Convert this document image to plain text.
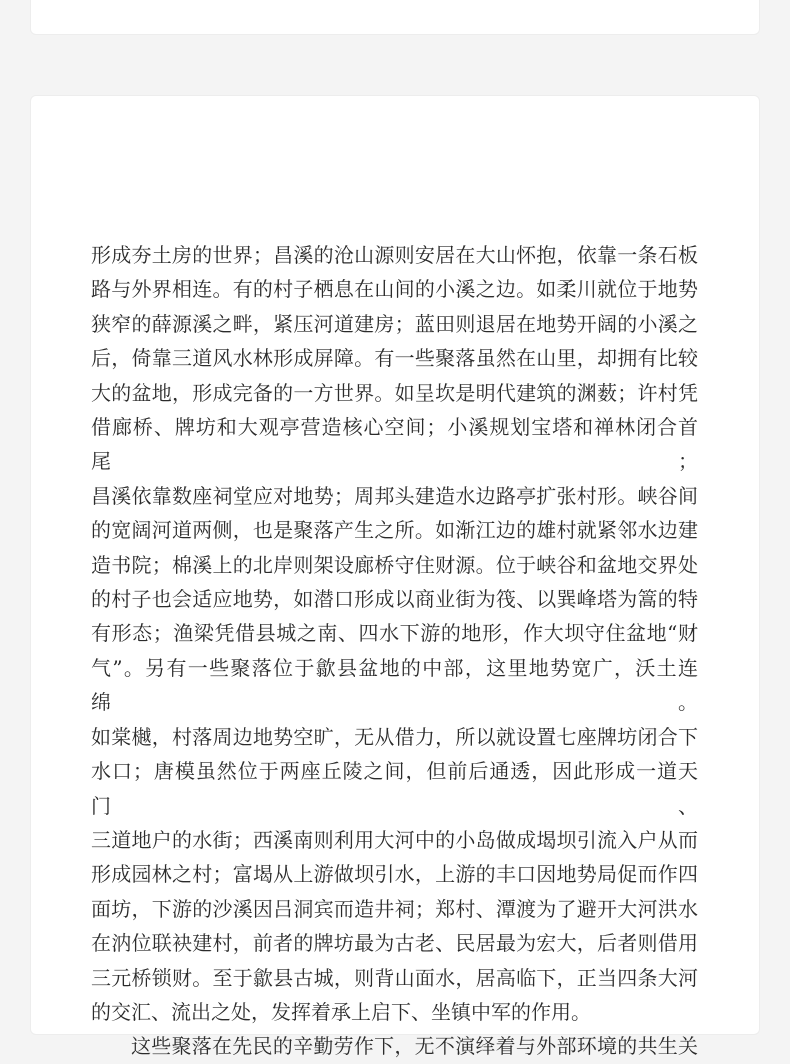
形成夯土房的世界；昌溪的沧山源则安居在大山怀抱，依靠一条石板

路与外界相连。有的村子栖息在山间的小溪之边。如柔川就位于地势

狭窄的薛源溪之畔，紧压河道建房；蓝田则退居在地势开阔的小溪之

后，倚靠三道风水林形成屏障。有一些聚落虽然在山里，却拥有比较

大的盆地，形成完备的一方世界。如呈坎是明代建筑的渊薮；许村凭

借廊桥、牌坊和大观亭营造核心空间；小溪规划宝塔和禅林闭合首尾；

昌溪依靠数座祠堂应对地势；周邦头建造水边路亭扩张村形。峡谷间

的宽阔河道两侧，也是聚落产生之所。如渐江边的雄村就紧邻水边建

造书院；棉溪上的北岸则架设廊桥守住财源。位于峡谷和盆地交界处

的村子也会适应地势，如潜口形成以商业街为筏、以巽峰塔为篙的特

有形态；渔梁凭借县城之南、四水下游的地形，作大坝守住盆地“财

气”。另有一些聚落位于歙县盆地的中部，这里地势宽广，沃土连绵。

如棠樾，村落周边地势空旷，无从借力，所以就设置七座牌坊闭合下

水口；唐模虽然位于两座丘陵之间，但前后通透，因此形成一道天门、

三道地户的水街；西溪南则利用大河中的小岛做成堨坝引流入户从而

形成园林之村；富堨从上游做坝引水，上游的丰口因地势局促而作四

面坊，下游的沙溪因吕洞宾而造井祠；郑村、潭渡为了避开大河洪水

在汭位联袂建村，前者的牌坊最为古老、民居最为宏大，后者则借用

三元桥锁财。至于歙县古城，则背山面水，居高临下，正当四条大河

的交汇、流出之处，发挥着承上启下、坐镇中军的作用。

这些聚落在先民的辛勤劳作下，无不演绎着与外部环境的共生关
